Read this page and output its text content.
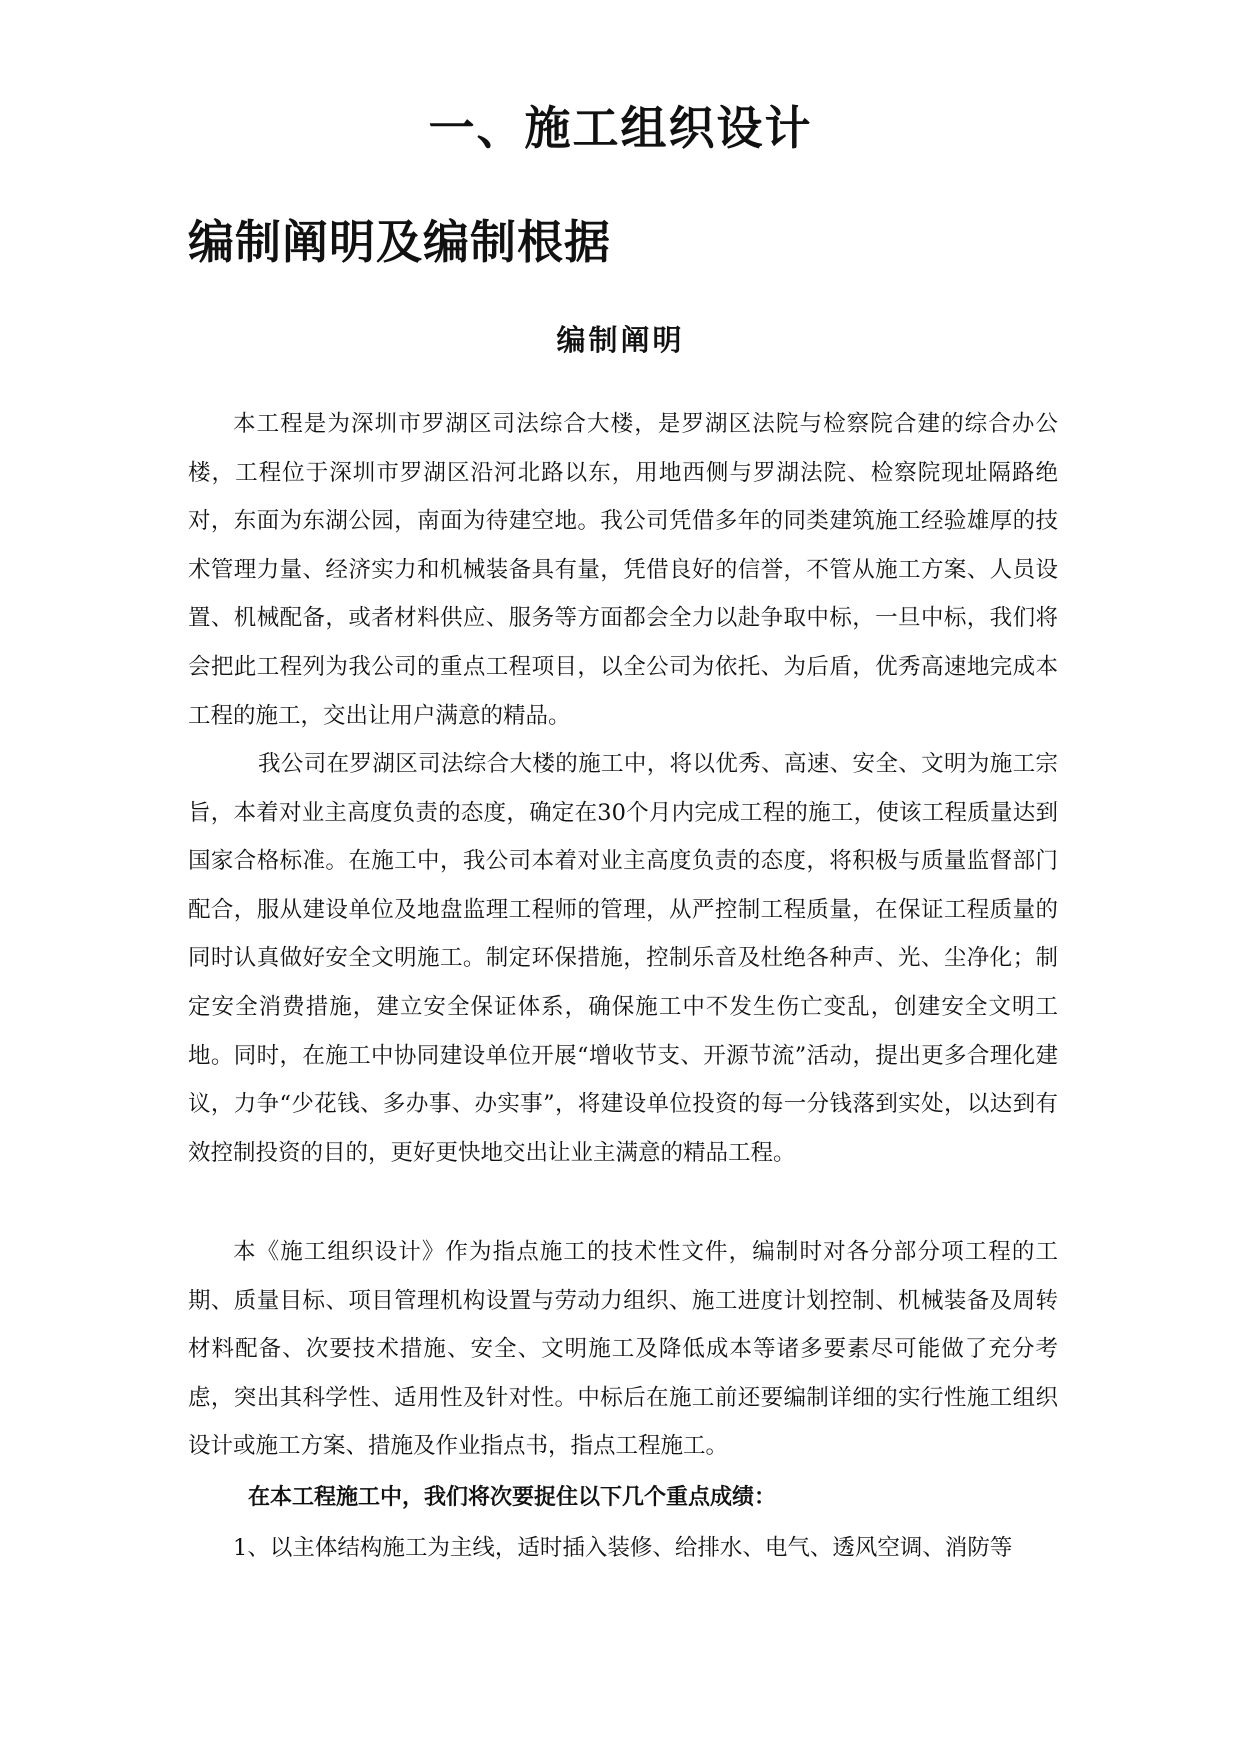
一、施工组织设计
编制阐明及编制根据
编制阐明

本工程是为深圳市罗湖区司法综合大楼，是罗湖区法院与检察院合建的综合办公楼，工程位于深圳市罗湖区沿河北路以东，用地西侧与罗湖法院、检察院现址隔路绝对，东面为东湖公园，南面为待建空地。我公司凭借多年的同类建筑施工经验雄厚的技术管理力量、经济实力和机械装备具有量，凭借良好的信誉，不管从施工方案、人员设置、机械配备，或者材料供应、服务等方面都会全力以赴争取中标，一旦中标，我们将会把此工程列为我公司的重点工程项目，以全公司为依托、为后盾，优秀高速地完成本工程的施工，交出让用户满意的精品。

我公司在罗湖区司法综合大楼的施工中，将以优秀、高速、安全、文明为施工宗旨，本着对业主高度负责的态度，确定在30个月内完成工程的施工，使该工程质量达到国家合格标准。在施工中，我公司本着对业主高度负责的态度，将积极与质量监督部门配合，服从建设单位及地盘监理工程师的管理，从严控制工程质量，在保证工程质量的同时认真做好安全文明施工。制定环保措施，控制乐音及杜绝各种声、光、尘净化；制定安全消费措施，建立安全保证体系，确保施工中不发生伤亡变乱，创建安全文明工地。同时，在施工中协同建设单位开展“增收节支、开源节流”活动，提出更多合理化建议，力争“少花钱、多办事、办实事”，将建设单位投资的每一分钱落到实处，以达到有效控制投资的目的，更好更快地交出让业主满意的精品工程。

本《施工组织设计》作为指点施工的技术性文件，编制时对各分部分项工程的工期、质量目标、项目管理机构设置与劳动力组织、施工进度计划控制、机械装备及周转材料配备、次要技术措施、安全、文明施工及降低成本等诸多要素尽可能做了充分考虑，突出其科学性、适用性及针对性。中标后在施工前还要编制详细的实行性施工组织设计或施工方案、措施及作业指点书，指点工程施工。

在本工程施工中，我们将次要捉住以下几个重点成绩：
1、以主体结构施工为主线，适时插入装修、给排水、电气、透风空调、消防等
